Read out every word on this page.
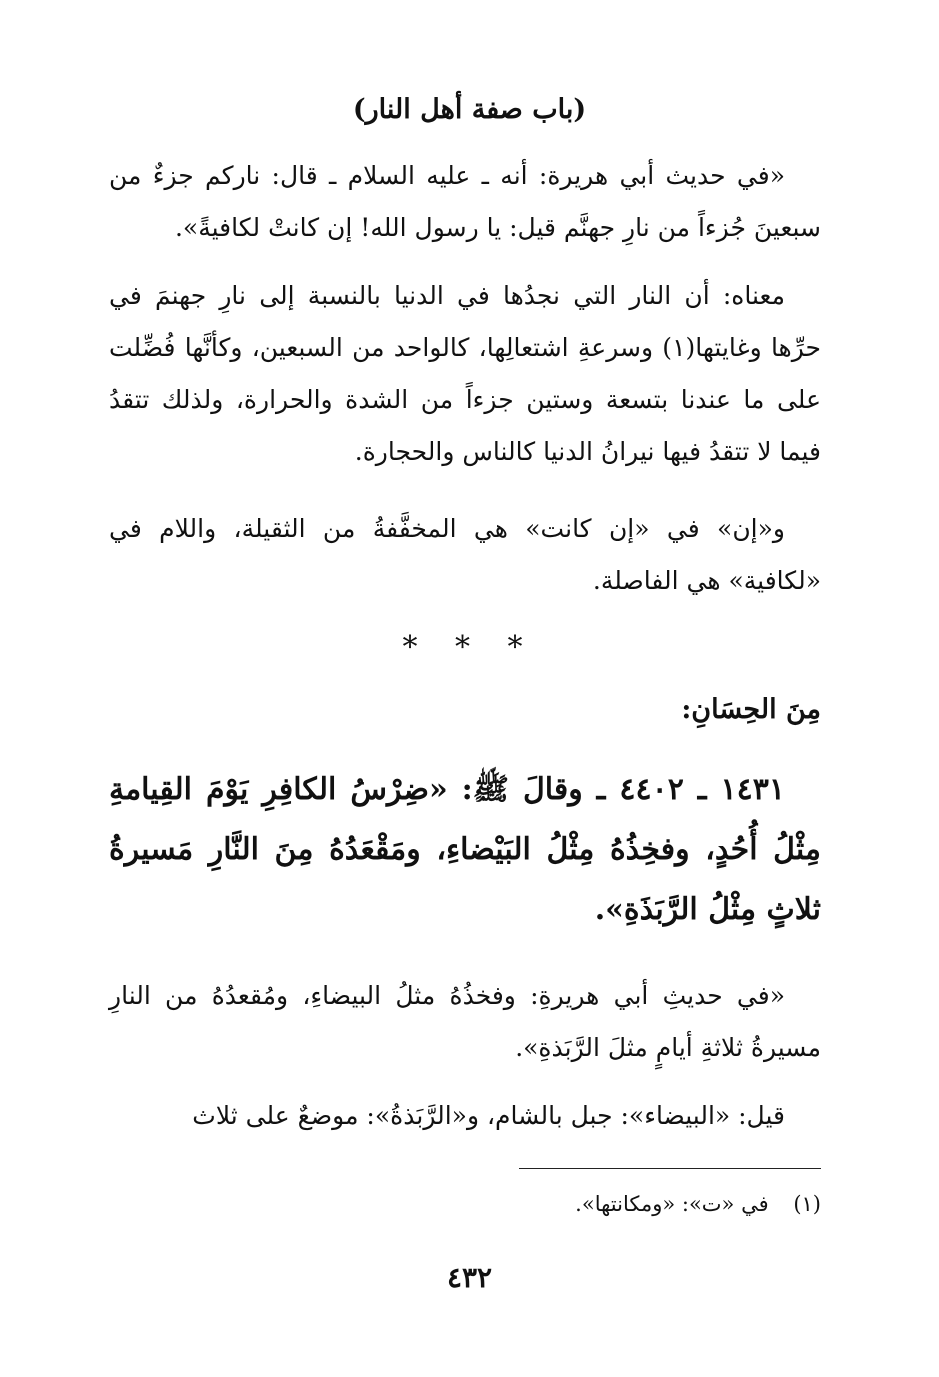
(باب صفة أهل النار)

«في حديث أبي هريرة: أنه ـ عليه السلام ـ قال: ناركم جزءٌ من سبعينَ جُزءاً من نارِ جهنَّم قيل: يا رسول الله! إن كانتْ لكافيةً».

معناه: أن النار التي نجدُها في الدنيا بالنسبة إلى نارِ جهنمَ في حرِّها وغايتها(١) وسرعةِ اشتعالِها، كالواحد من السبعين، وكأنَّها فُضِّلت على ما عندنا بتسعة وستين جزءاً من الشدة والحرارة، ولذلك تتقدُ فيما لا تتقدُ فيها نيرانُ الدنيا كالناس والحجارة.

و«إن» في «إن كانت» هي المخفَّفةُ من الثقيلة، واللام في «لكافية» هي الفاصلة.

* * *
مِنَ الحِسَانِ:

١٤٣١ ـ ٤٤٠٢ ـ وقالَ ﷺ: «ضِرْسُ الكافِرِ يَوْمَ القِيامةِ مِثْلُ أُحُدٍ، وفخِذُهُ مِثْلُ البَيْضاءِ، ومَقْعَدُهُ مِنَ النَّارِ مَسيرةُ ثلاثٍ مِثْلُ الرَّبَذَةِ».

«في حديثِ أبي هريرةِ: وفخذُهُ مثلُ البيضاءِ، ومُقعدُهُ من النارِ مسيرةُ ثلاثةِ أيامٍ مثلَ الرَّبَذةِ».

قيل: «البيضاء»: جبل بالشام، و«الرَّبَذةُ»: موضعٌ على ثلاث

(١) في «ت»: «ومكانتها».
٤٣٢
